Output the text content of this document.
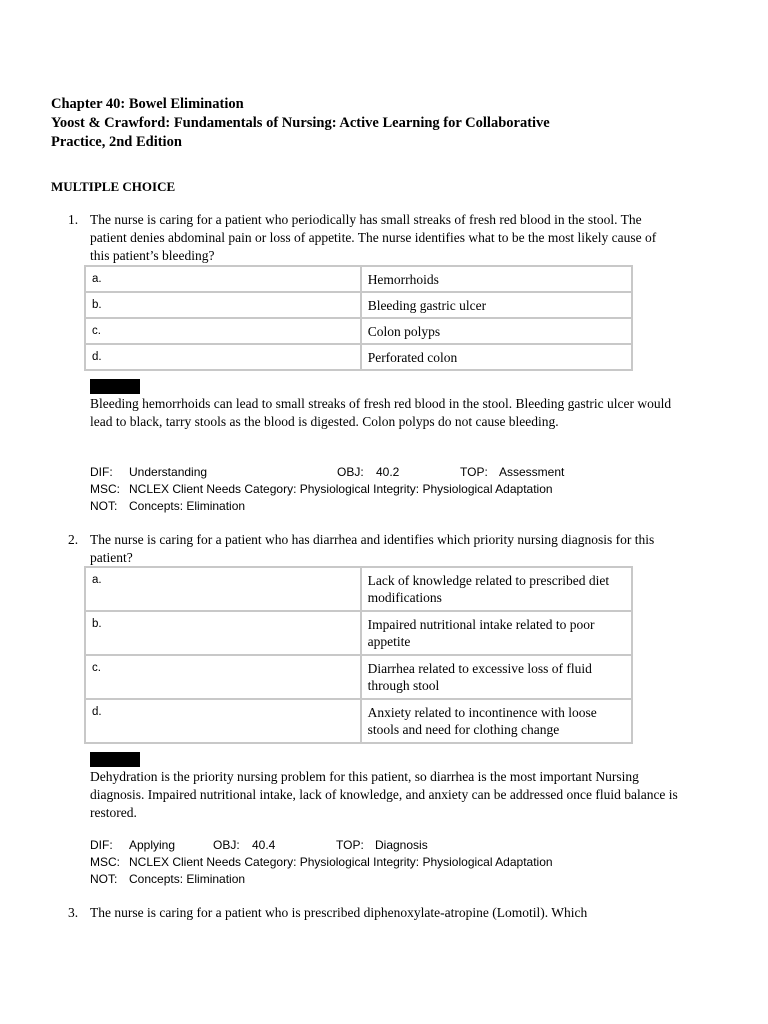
Chapter 40: Bowel Elimination
Yoost & Crawford: Fundamentals of Nursing: Active Learning for Collaborative
Practice, 2nd Edition
MULTIPLE CHOICE
1. The nurse is caring for a patient who periodically has small streaks of fresh red blood in the stool. The patient denies abdominal pain or loss of appetite. The nurse identifies what to be the most likely cause of this patient’s bleeding?
a.	Hemorrhoids
b.	Bleeding gastric ulcer
c.	Colon polyps
d.	Perforated colon
Bleeding hemorrhoids can lead to small streaks of fresh red blood in the stool. Bleeding gastric ulcer would lead to black, tarry stools as the blood is digested. Colon polyps do not cause bleeding.
DIF: Understanding	OBJ: 40.2	TOP: Assessment
MSC: NCLEX Client Needs Category: Physiological Integrity: Physiological Adaptation
NOT: Concepts: Elimination
2. The nurse is caring for a patient who has diarrhea and identifies which priority nursing diagnosis for this patient?
a.	Lack of knowledge related to prescribed diet modifications
b.	Impaired nutritional intake related to poor appetite
c.	Diarrhea related to excessive loss of fluid through stool
d.	Anxiety related to incontinence with loose stools and need for clothing change
Dehydration is the priority nursing problem for this patient, so diarrhea is the most important Nursing diagnosis. Impaired nutritional intake, lack of knowledge, and anxiety can be addressed once fluid balance is restored.
DIF: Applying	OBJ: 40.4	TOP: Diagnosis
MSC: NCLEX Client Needs Category: Physiological Integrity: Physiological Adaptation
NOT: Concepts: Elimination
3. The nurse is caring for a patient who is prescribed diphenoxylate-atropine (Lomotil). Which
